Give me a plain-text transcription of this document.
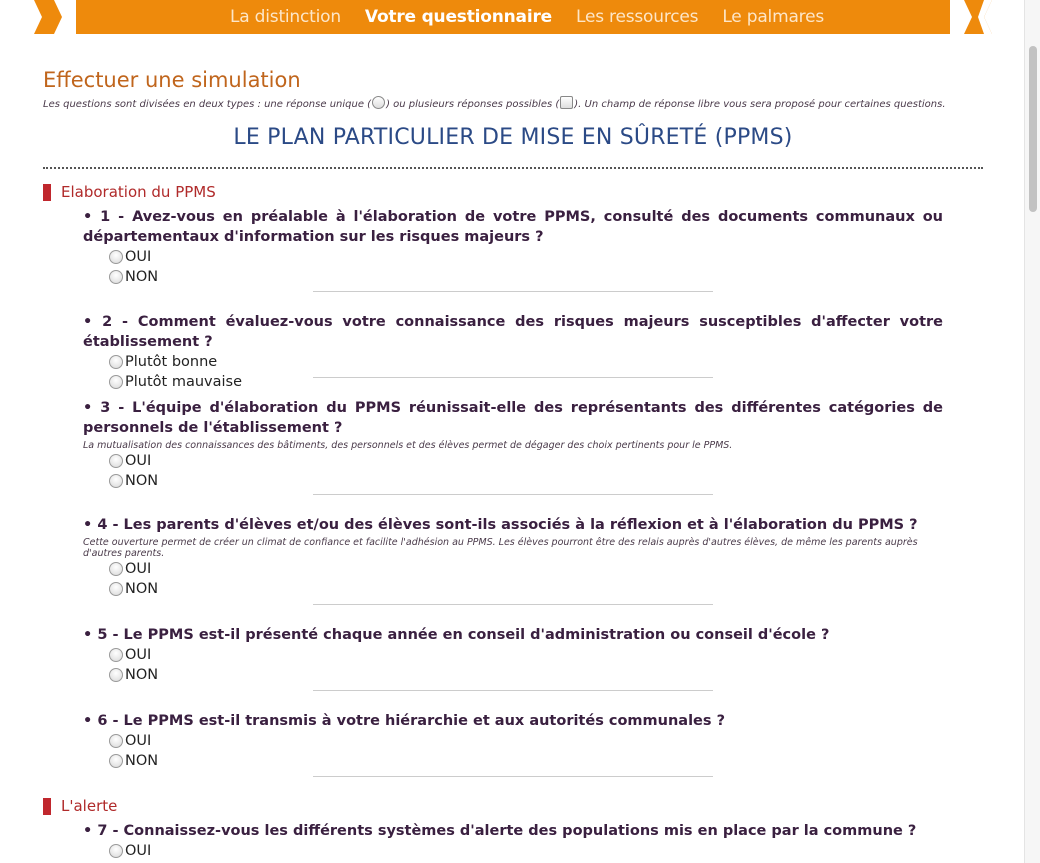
La distinction Votre questionnaire Les ressources Le palmares
Effectuer une simulation
Les questions sont divisées en deux types : une réponse unique ( ) ou plusieurs réponses possibles ( ). Un champ de réponse libre vous sera proposé pour certaines questions.
LE PLAN PARTICULIER DE MISE EN SÛRETÉ (PPMS)
Elaboration du PPMS
• 1 - Avez-vous en préalable à l'élaboration de votre PPMS, consulté des documents communaux ou départementaux d'information sur les risques majeurs ?
OUI
NON
• 2 - Comment évaluez-vous votre connaissance des risques majeurs susceptibles d'affecter votre établissement ?
Plutôt bonne
Plutôt mauvaise
• 3 - L'équipe d'élaboration du PPMS réunissait-elle des représentants des différentes catégories de personnels de l'établissement ?
La mutualisation des connaissances des bâtiments, des personnels et des élèves permet de dégager des choix pertinents pour le PPMS.
OUI
NON
• 4 - Les parents d'élèves et/ou des élèves sont-ils associés à la réflexion et à l'élaboration du PPMS ?
Cette ouverture permet de créer un climat de confiance et facilite l'adhésion au PPMS. Les élèves pourront être des relais auprès d'autres élèves, de même les parents auprès d'autres parents.
OUI
NON
• 5 - Le PPMS est-il présenté chaque année en conseil d'administration ou conseil d'école ?
OUI
NON
• 6 - Le PPMS est-il transmis à votre hiérarchie et aux autorités communales ?
OUI
NON
L'alerte
• 7 - Connaissez-vous les différents systèmes d'alerte des populations mis en place par la commune ?
OUI
